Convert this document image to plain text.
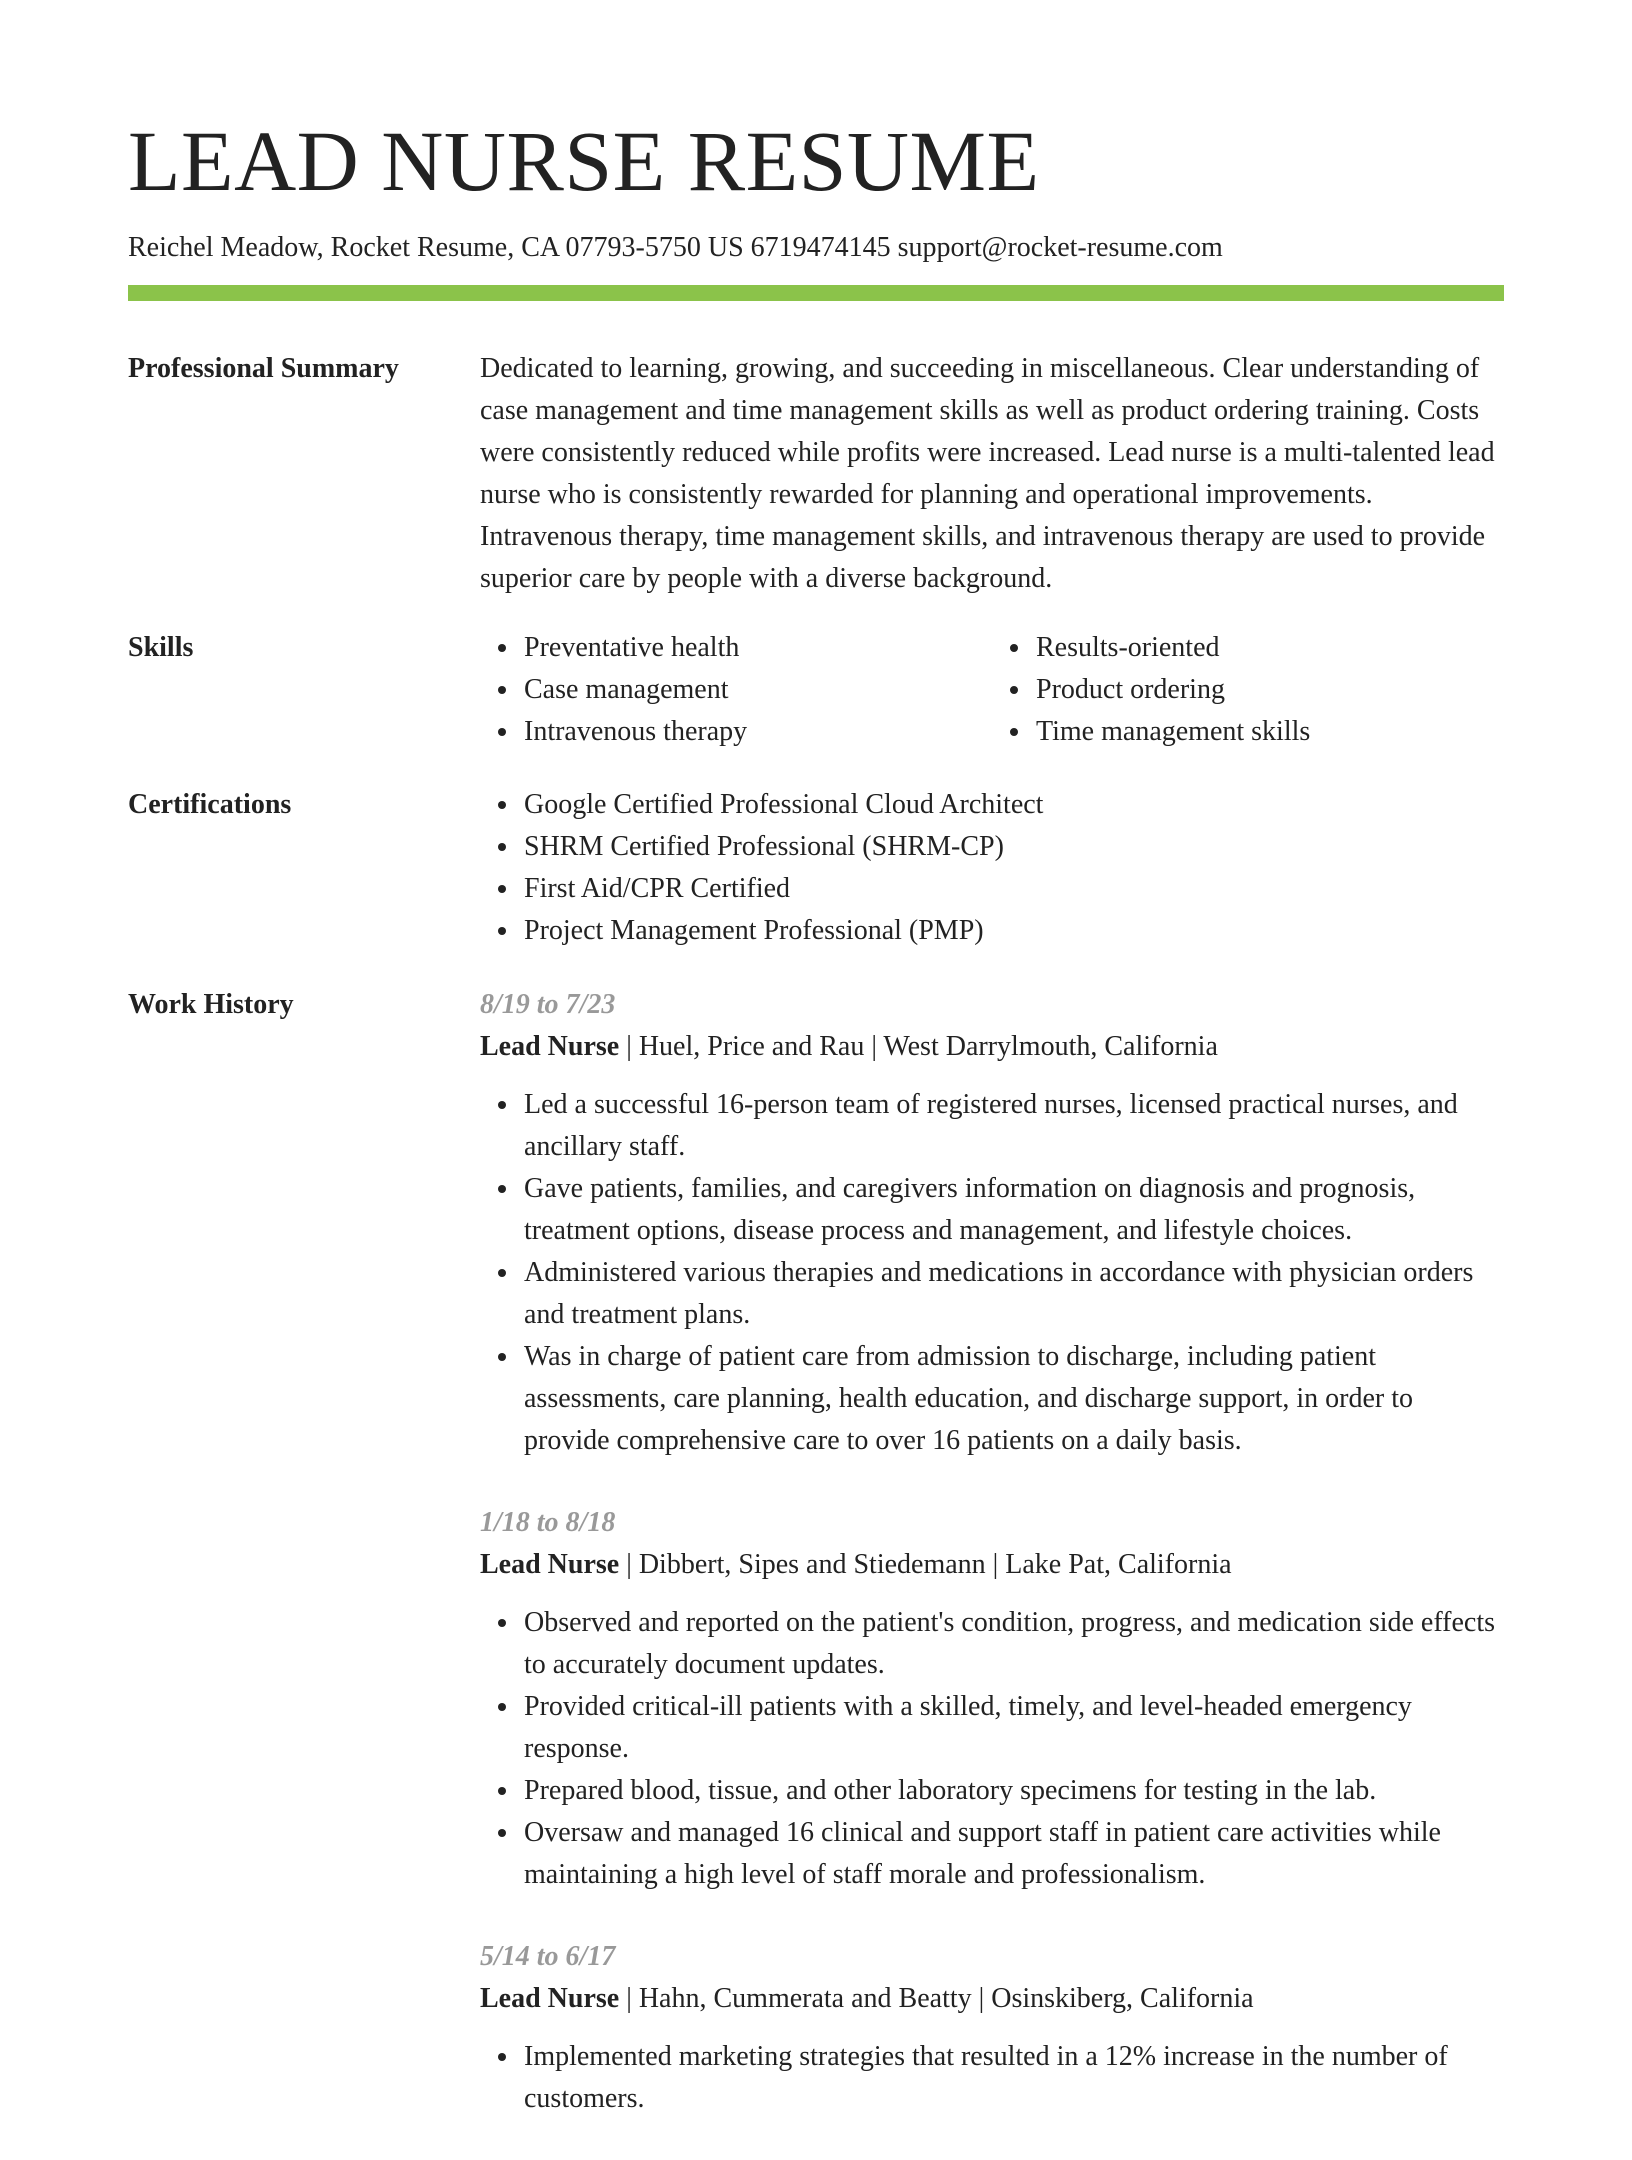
LEAD NURSE RESUME
Reichel Meadow, Rocket Resume, CA 07793-5750 US 6719474145 support@rocket-resume.com
Professional Summary	Dedicated to learning, growing, and succeeding in miscellaneous. Clear understanding of case management and time management skills as well as product ordering training. Costs were consistently reduced while profits were increased. Lead nurse is a multi-talented lead nurse who is consistently rewarded for planning and operational improvements. Intravenous therapy, time management skills, and intravenous therapy are used to provide superior care by people with a diverse background.

Skills	Preventative health
Case management
Intravenous therapy
Results-oriented
Product ordering
Time management skills
Certifications	Google Certified Professional Cloud Architect
SHRM Certified Professional (SHRM-CP)
First Aid/CPR Certified
Project Management Professional (PMP)
Work History	8/19 to 7/23
Lead Nurse | Huel, Price and Rau | West Darrylmouth, California
Led a successful 16-person team of registered nurses, licensed practical nurses, and ancillary staff.
Gave patients, families, and caregivers information on diagnosis and prognosis, treatment options, disease process and management, and lifestyle choices.
Administered various therapies and medications in accordance with physician orders and treatment plans.
Was in charge of patient care from admission to discharge, including patient assessments, care planning, health education, and discharge support, in order to provide comprehensive care to over 16 patients on a daily basis.
1/18 to 8/18
Lead Nurse | Dibbert, Sipes and Stiedemann | Lake Pat, California
Observed and reported on the patient's condition, progress, and medication side effects to accurately document updates.
Provided critical-ill patients with a skilled, timely, and level-headed emergency response.
Prepared blood, tissue, and other laboratory specimens for testing in the lab.
Oversaw and managed 16 clinical and support staff in patient care activities while maintaining a high level of staff morale and professionalism.
5/14 to 6/17
Lead Nurse | Hahn, Cummerata and Beatty | Osinskiberg, California
Implemented marketing strategies that resulted in a 12% increase in the number of customers.
